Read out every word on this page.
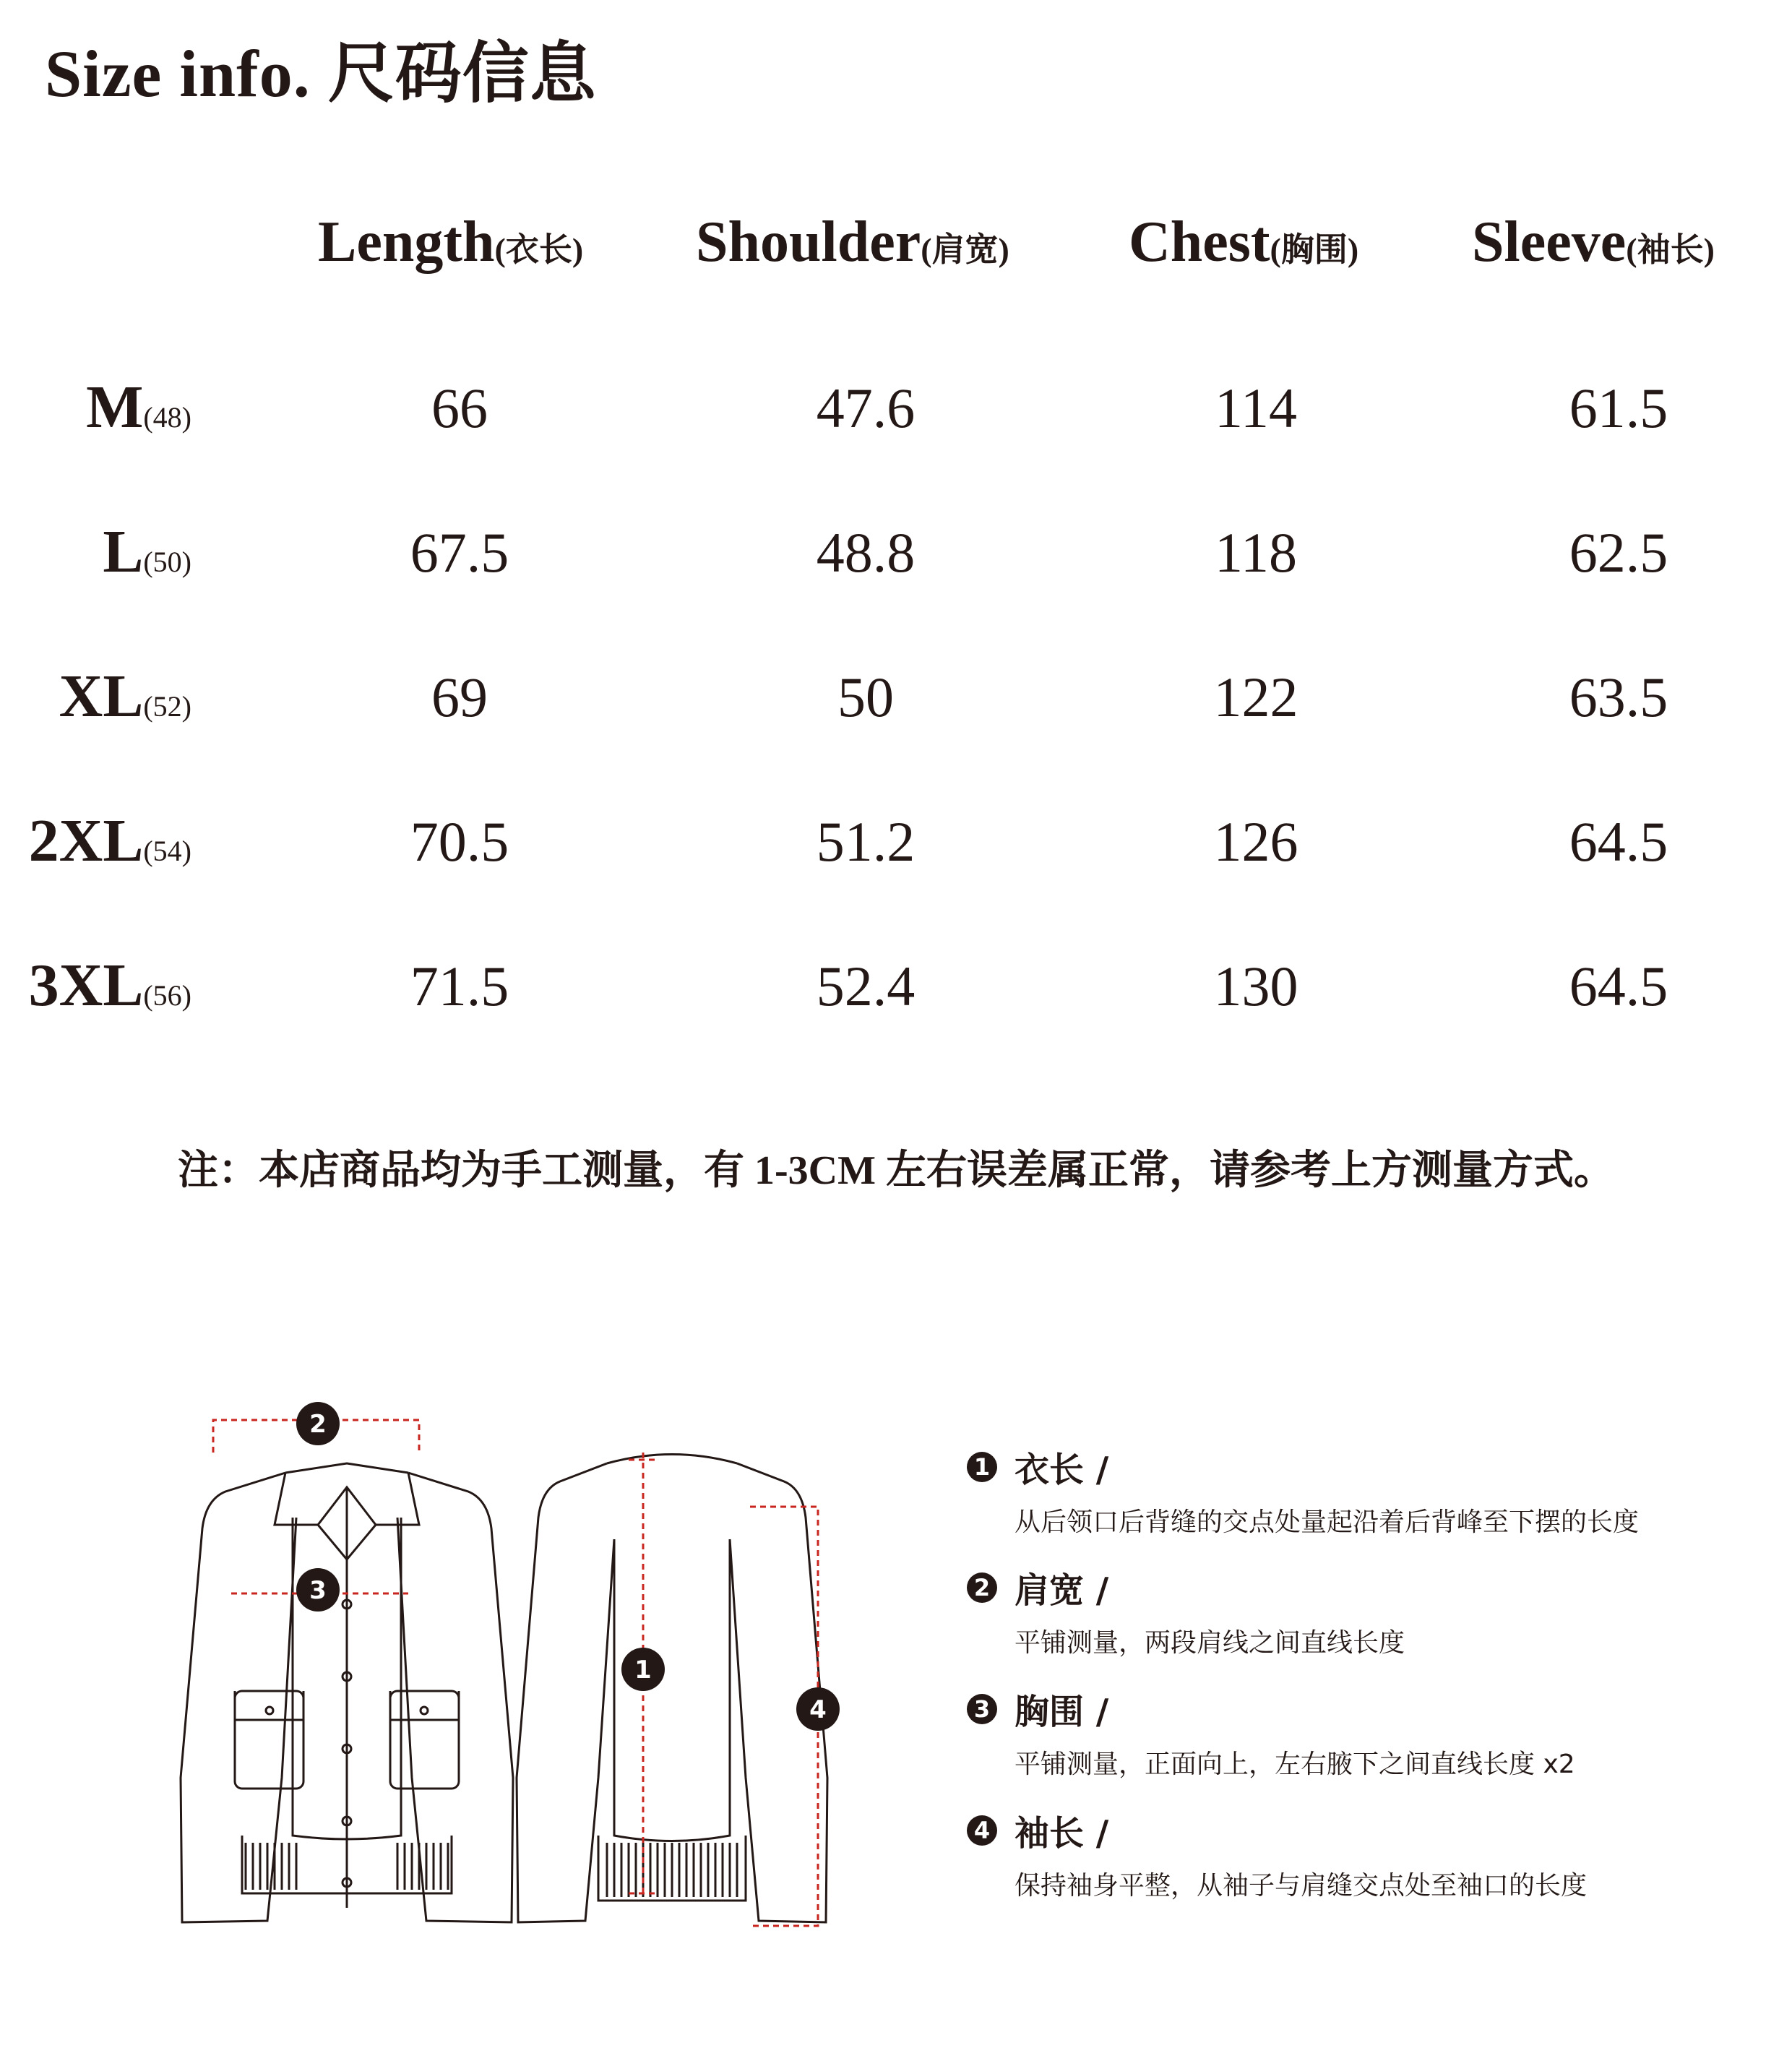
Size info. 尺码信息
Length(衣长) Shoulder(肩宽) Chest(胸围) Sleeve(袖长)
M(48)	66	47.6	114	61.5
L(50)	67.5	48.8	118	62.5
XL(52)	69	50	122	63.5
2XL(54)	70.5	51.2	126	64.5
3XL(56)	71.5	52.4	130	64.5
注：本店商品均为手工测量，有 1-3CM 左右误差属正常，请参考上方测量方式。
2
3
1
4
1 衣长 /
从后领口后背缝的交点处量起沿着后背峰至下摆的长度
2 肩宽 /
平铺测量，两段肩线之间直线长度
3 胸围 /
平铺测量，正面向上，左右腋下之间直线长度 x2
4 袖长 /
保持袖身平整，从袖子与肩缝交点处至袖口的长度
